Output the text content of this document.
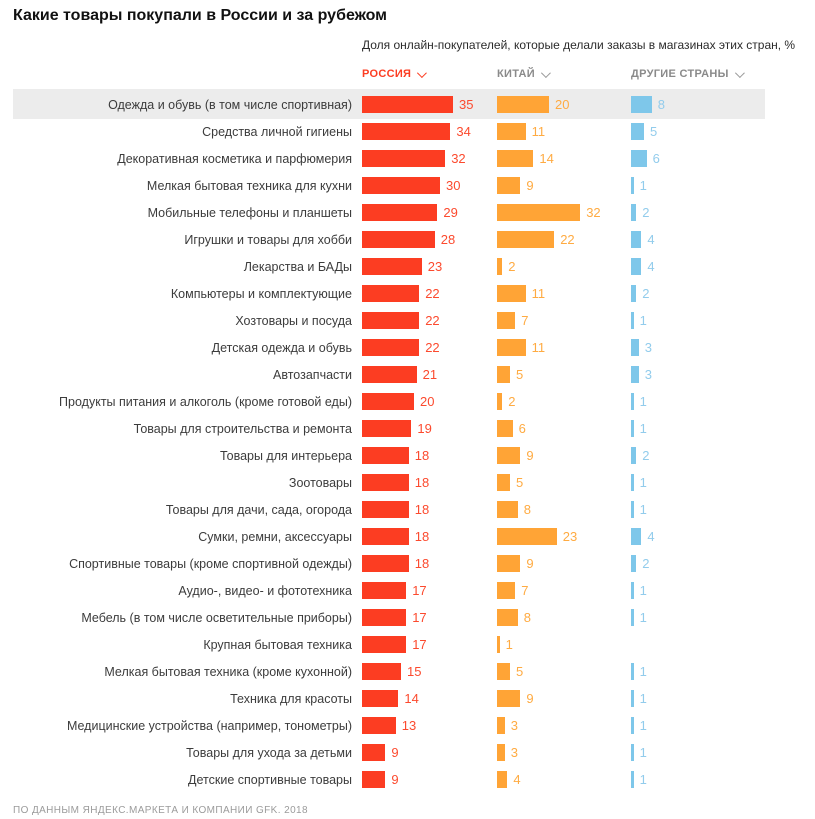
Какие товары покупали в России и за рубежом
Доля онлайн-покупателей, которые делали заказы в магазинах этих стран, %
РОССИЯ	КИТАЙ	ДРУГИЕ СТРАНЫ
Одежда и обувь (в том числе спортивная)	35	20	8
Средства личной гигиены	34	11	5
Декоративная косметика и парфюмерия	32	14	6
Мелкая бытовая техника для кухни	30	9	1
Мобильные телефоны и планшеты	29	32	2
Игрушки и товары для хобби	28	22	4
Лекарства и БАДы	23	2	4
Компьютеры и комплектующие	22	11	2
Хозтовары и посуда	22	7	1
Детская одежда и обувь	22	11	3
Автозапчасти	21	5	3
Продукты питания и алкоголь (кроме готовой еды)	20	2	1
Товары для строительства и ремонта	19	6	1
Товары для интерьера	18	9	2
Зоотовары	18	5	1
Товары для дачи, сада, огорода	18	8	1
Сумки, ремни, аксессуары	18	23	4
Спортивные товары (кроме спортивной одежды)	18	9	2
Аудио-, видео- и фототехника	17	7	1
Мебель (в том числе осветительные приборы)	17	8	1
Крупная бытовая техника	17	1
Мелкая бытовая техника (кроме кухонной)	15	5	1
Техника для красоты	14	9	1
Медицинские устройства (например, тонометры)	13	3	1
Товары для ухода за детьми	9	3	1
Детские спортивные товары	9	4	1
ПО ДАННЫМ ЯНДЕКС.МАРКЕТА И КОМПАНИИ GFK. 2018
